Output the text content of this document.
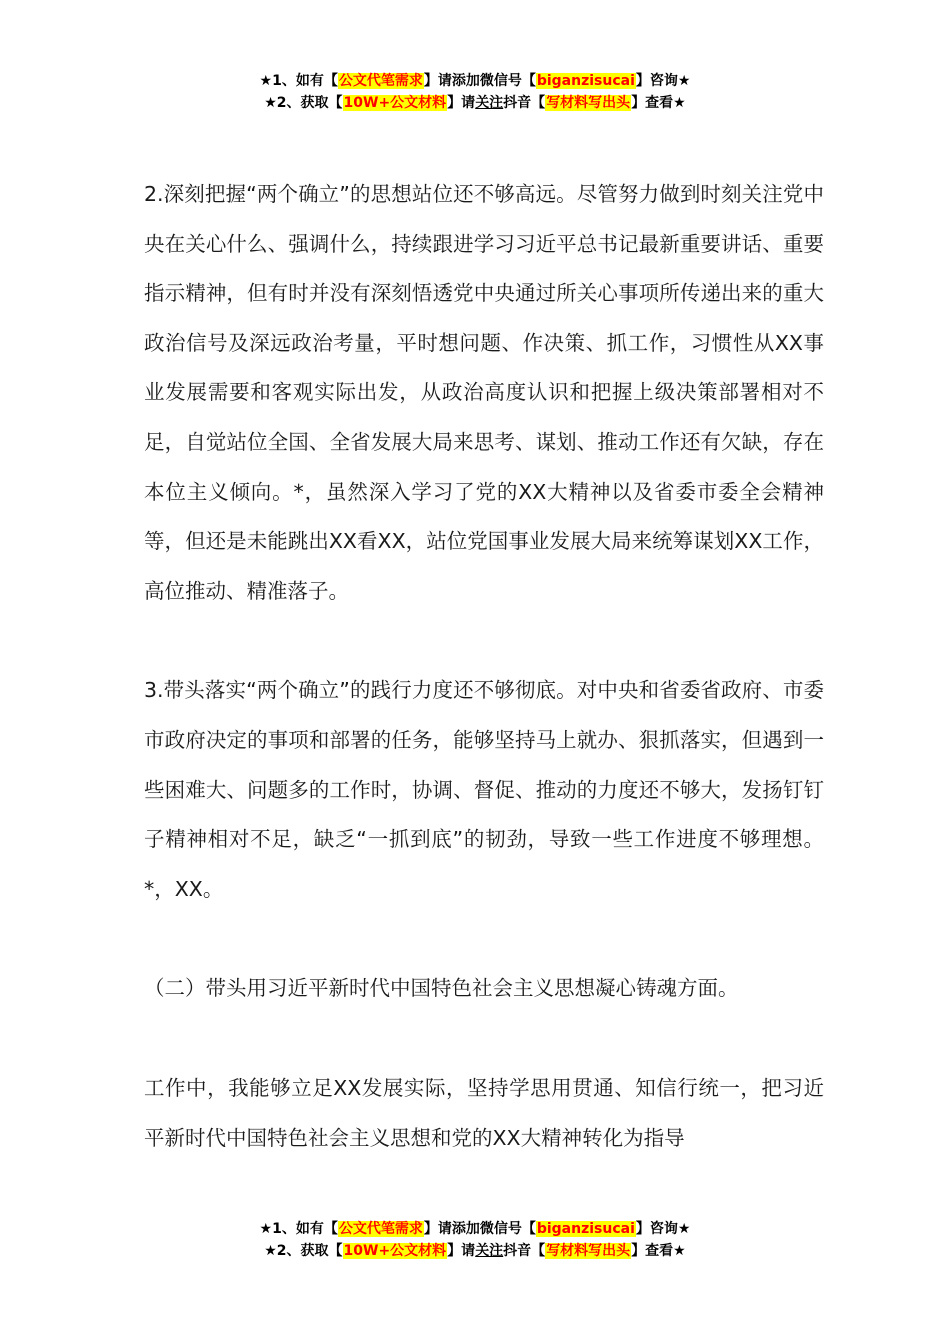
★1、如有【公文代笔需求】请添加微信号【biganzisucai】咨询★
★2、获取【10W+公文材料】请关注抖音【写材料写出头】查看★

2.深刻把握“两个确立”的思想站位还不够高远。尽管努力做到时刻关注党中央在关心什么、强调什么，持续跟进学习习近平总书记最新重要讲话、重要指示精神，但有时并没有深刻悟透党中央通过所关心事项所传递出来的重大政治信号及深远政治考量，平时想问题、作决策、抓工作，习惯性从XX事业发展需要和客观实际出发，从政治高度认识和把握上级决策部署相对不足，自觉站位全国、全省发展大局来思考、谋划、推动工作还有欠缺，存在本位主义倾向。*，虽然深入学习了党的XX大精神以及省委市委全会精神等，但还是未能跳出XX看XX，站位党国事业发展大局来统筹谋划XX工作，高位推动、精准落子。

3.带头落实“两个确立”的践行力度还不够彻底。对中央和省委省政府、市委市政府决定的事项和部署的任务，能够坚持马上就办、狠抓落实，但遇到一些困难大、问题多的工作时，协调、督促、推动的力度还不够大，发扬钉钉子精神相对不足，缺乏“一抓到底”的韧劲，导致一些工作进度不够理想。*，XX。

（二）带头用习近平新时代中国特色社会主义思想凝心铸魂方面。

工作中，我能够立足XX发展实际，坚持学思用贯通、知信行统一，把习近平新时代中国特色社会主义思想和党的XX大精神转化为指导

★1、如有【公文代笔需求】请添加微信号【biganzisucai】咨询★
★2、获取【10W+公文材料】请关注抖音【写材料写出头】查看★
